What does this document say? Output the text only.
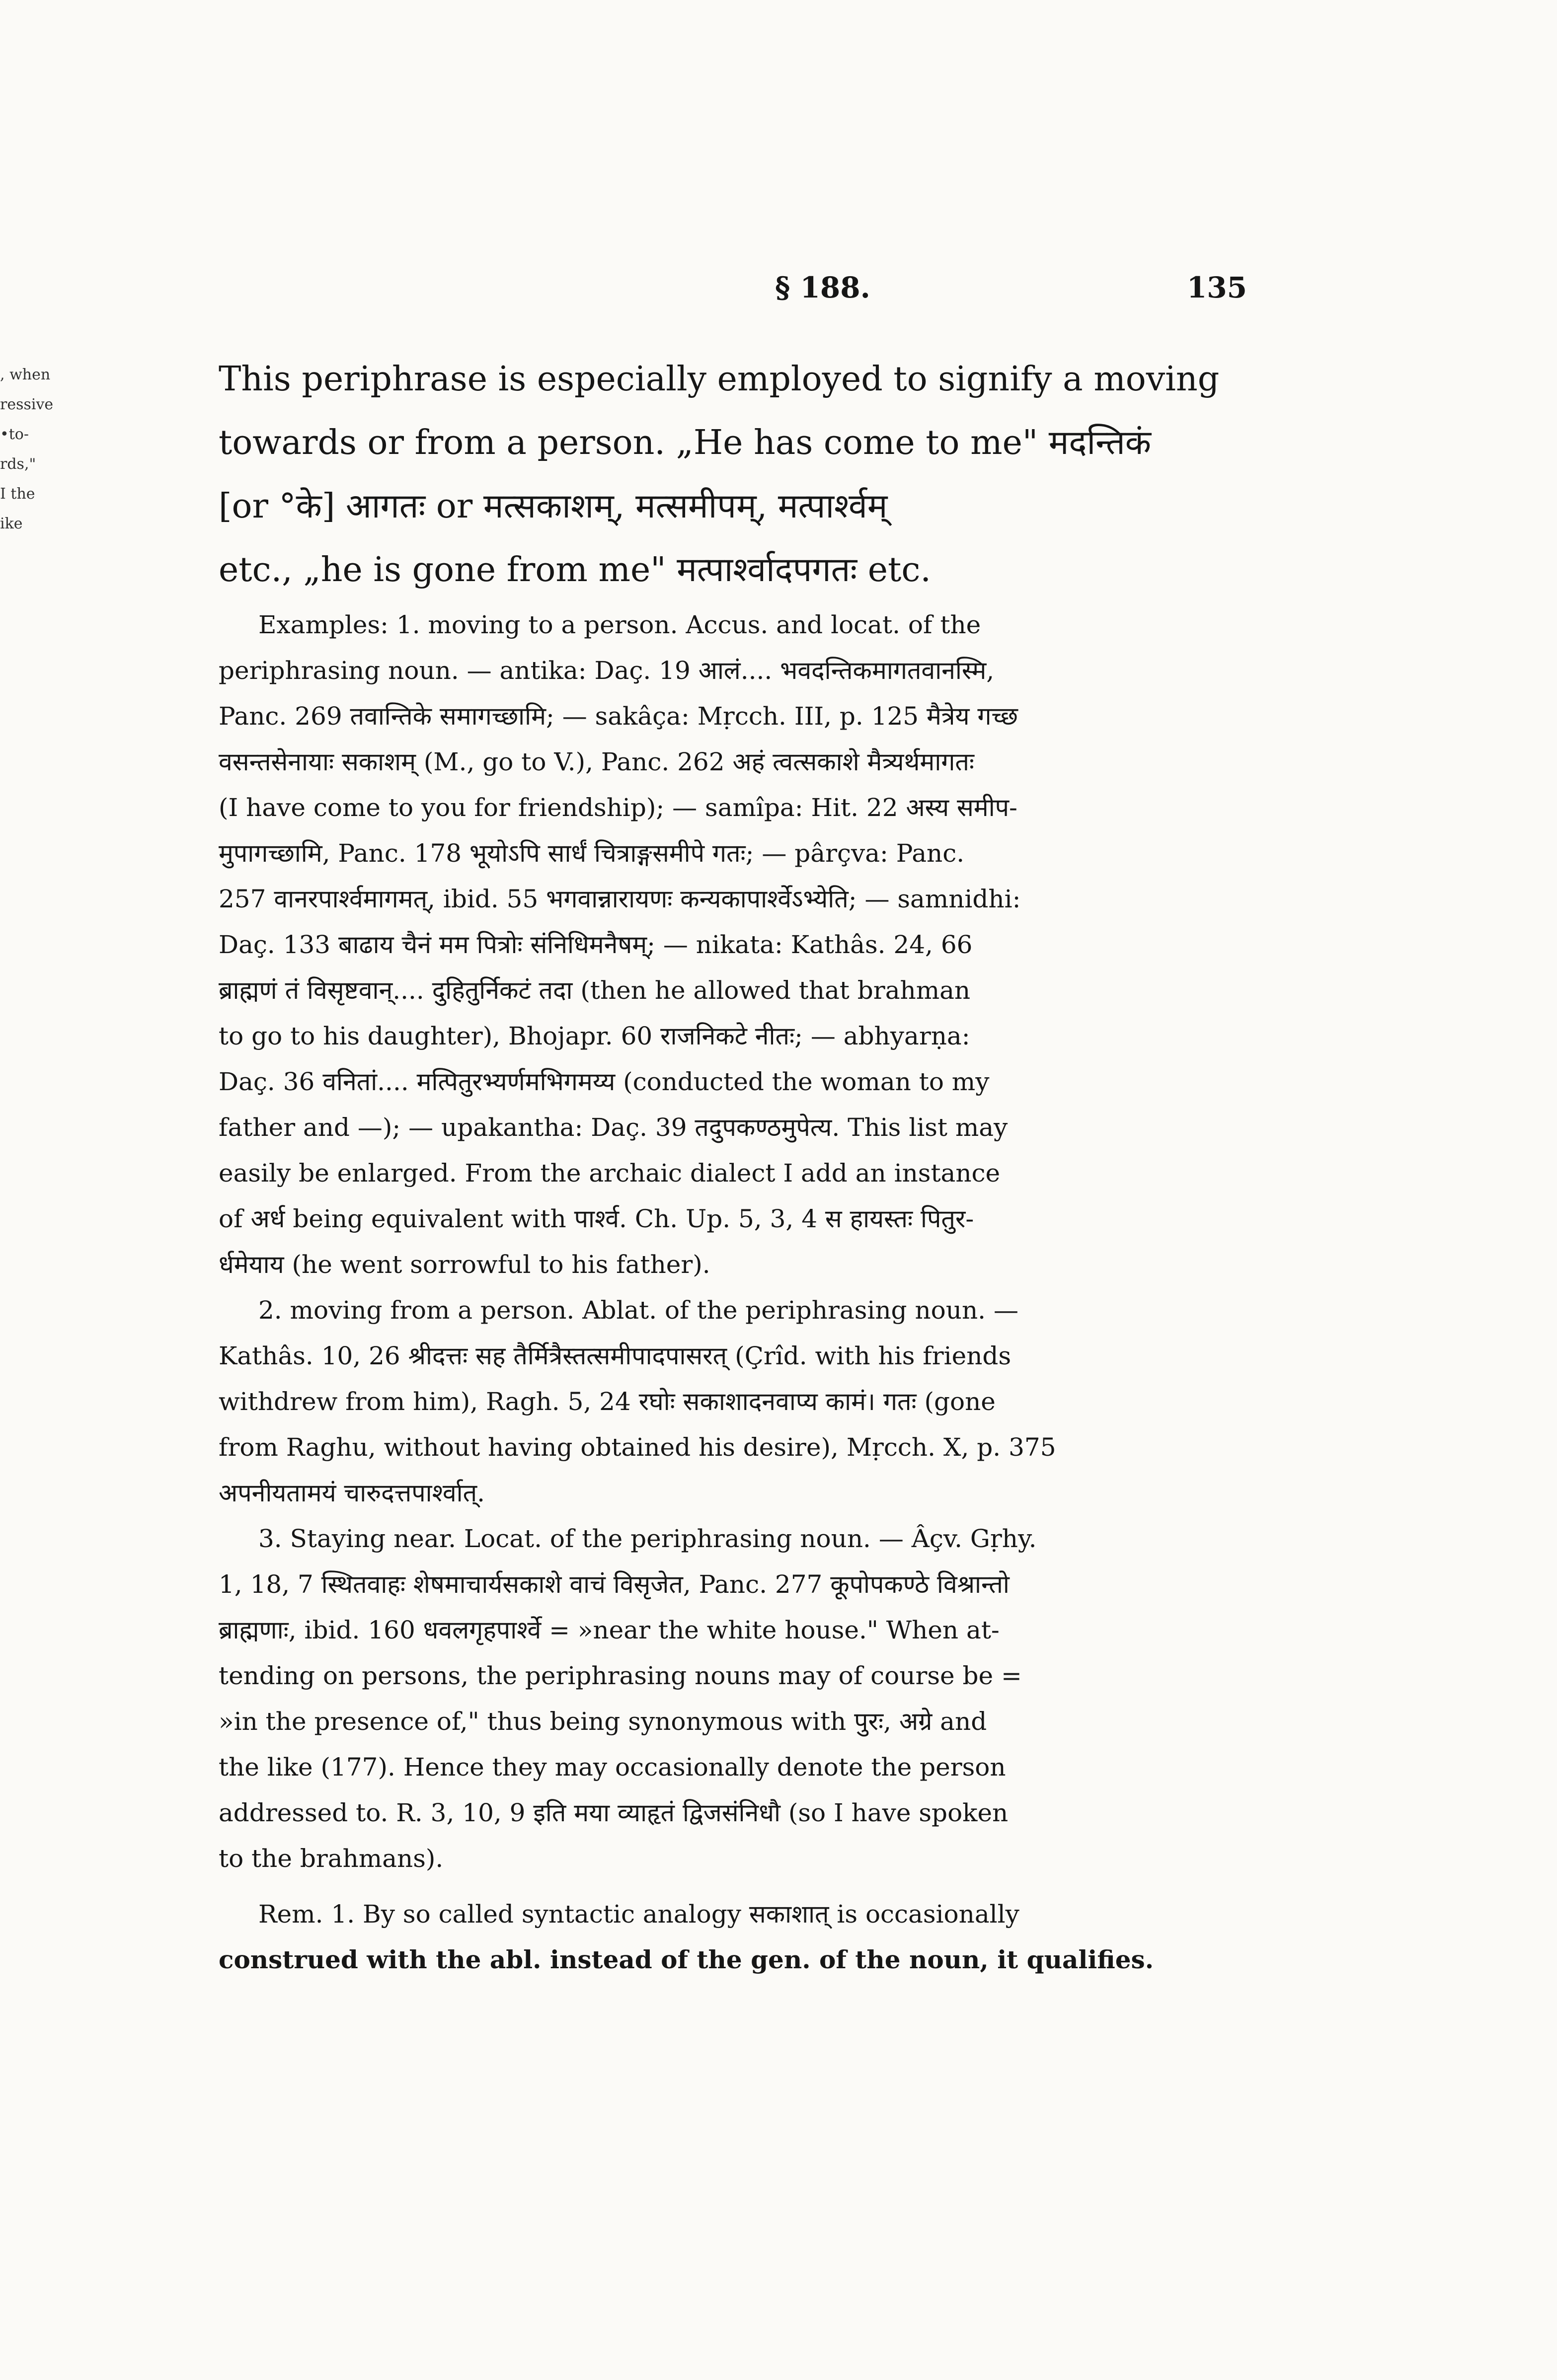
§ 188.	135
, when
ressive
•to-
rds,"
I the
ike
This periphrase is especially employed to signify a moving
towards or from a person. „He has come to me" मदन्तिकं
[or °के] आगतः or मत्सकाशम्, मत्समीपम्, मत्पार्श्वम्
etc., „he is gone from me" मत्पार्श्वादपगतः etc.
Examples: 1. moving to a person. Accus. and locat. of the
periphrasing noun. — antika: Daç. 19 आलं.... भवदन्तिकमागतवानस्मि,
Panc. 269 तवान्तिके समागच्छामि; — sakâça: Mṛcch. III, p. 125 मैत्रेय गच्छ
वसन्तसेनायाः सकाशम् (M., go to V.), Panc. 262 अहं त्वत्सकाशे मैत्र्यर्थमागतः
(I have come to you for friendship); — samîpa: Hit. 22 अस्य समीप-
मुपागच्छामि, Panc. 178 भूयोऽपि सार्धं चित्राङ्गसमीपे गतः; — pârçva: Panc.
257 वानरपार्श्वमागमत्, ibid. 55 भगवान्नारायणः कन्यकापार्श्वेऽभ्येति; — samnidhi:
Daç. 133 बाढाय चैनं मम पित्रोः संनिधिमनैषम्; — nikata: Kathâs. 24, 66
ब्राह्मणं तं विसृष्टवान्.... दुहितुर्निकटं तदा (then he allowed that brahman
to go to his daughter), Bhojapr. 60 राजनिकटे नीतः; — abhyarṇa:
Daç. 36 वनितां.... मत्पितुरभ्यर्णमभिगमय्य (conducted the woman to my
father and —); — upakantha: Daç. 39 तदुपकण्ठमुपेत्य. This list may
easily be enlarged. From the archaic dialect I add an instance
of अर्ध being equivalent with पार्श्व. Ch. Up. 5, 3, 4 स हायस्तः पितुर-
र्धमेयाय (he went sorrowful to his father).
2. moving from a person. Ablat. of the periphrasing noun. —
Kathâs. 10, 26 श्रीदत्तः सह तैर्मित्रैस्तत्समीपादपासरत् (Çrîd. with his friends
withdrew from him), Ragh. 5, 24 रघोः सकाशादनवाप्य कामं। गतः (gone
from Raghu, without having obtained his desire), Mṛcch. X, p. 375
अपनीयतामयं चारुदत्तपार्श्वात्.
3. Staying near. Locat. of the periphrasing noun. — Âçv. Gṛhy.
1, 18, 7 स्थितवाहः शेषमाचार्यसकाशे वाचं विसृजेत, Panc. 277 कूपोपकण्ठे विश्रान्तो
ब्राह्मणाः, ibid. 160 धवलगृहपार्श्वे = »near the white house." When at-
tending on persons, the periphrasing nouns may of course be =
»in the presence of," thus being synonymous with पुरः, अग्रे and
the like (177). Hence they may occasionally denote the person
addressed to. R. 3, 10, 9 इति मया व्याहृतं द्विजसंनिधौ (so I have spoken
to the brahmans).
Rem. 1. By so called syntactic analogy सकाशात् is occasionally
construed with the abl. instead of the gen. of the noun, it qualifies.
